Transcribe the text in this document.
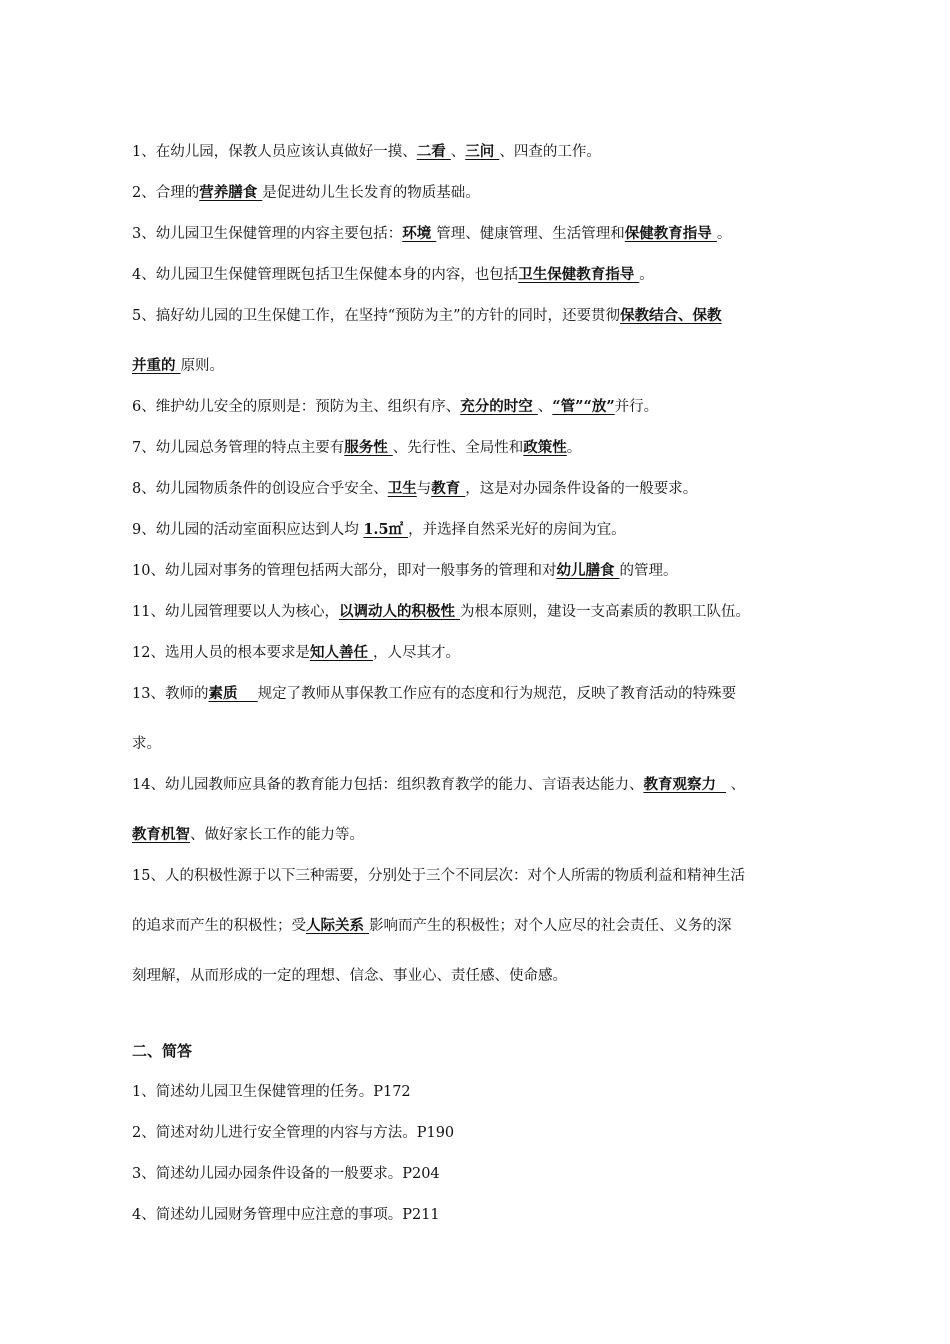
1、在幼儿园，保教人员应该认真做好一摸、二看 、三问 、四查的工作。
2、合理的营养膳食 是促进幼儿生长发育的物质基础。
3、幼儿园卫生保健管理的内容主要包括：环境 管理、健康管理、生活管理和保健教育指导 。
4、幼儿园卫生保健管理既包括卫生保健本身的内容，也包括卫生保健教育指导 。
5、搞好幼儿园的卫生保健工作，在坚持“预防为主”的方针的同时，还要贯彻保教结合、保教
并重的 原则。
6、维护幼儿安全的原则是：预防为主、组织有序、充分的时空 、“管”“放”并行。
7、幼儿园总务管理的特点主要有服务性 、先行性、全局性和政策性。
8、幼儿园物质条件的创设应合乎安全、卫生与教育 ，这是对办园条件设备的一般要求。
9、幼儿园的活动室面积应达到人均 1.5㎡ ，并选择自然采光好的房间为宜。
10、幼儿园对事务的管理包括两大部分，即对一般事务的管理和对幼儿膳食 的管理。
11、幼儿园管理要以人为核心，以调动人的积极性 为根本原则，建设一支高素质的教职工队伍。
12、选用人员的根本要求是知人善任 ，人尽其才。
13、教师的素质    规定了教师从事保教工作应有的态度和行为规范，反映了教育活动的特殊要
求。
14、幼儿园教师应具备的教育能力包括：组织教育教学的能力、言语表达能力、教育观察力   、
教育机智、做好家长工作的能力等。
15、人的积极性源于以下三种需要，分别处于三个不同层次：对个人所需的物质利益和精神生活
的追求而产生的积极性；受人际关系 影响而产生的积极性；对个人应尽的社会责任、义务的深
刻理解，从而形成的一定的理想、信念、事业心、责任感、使命感。
二、简答
1、简述幼儿园卫生保健管理的任务。P172
2、简述对幼儿进行安全管理的内容与方法。P190
3、简述幼儿园办园条件设备的一般要求。P204
4、简述幼儿园财务管理中应注意的事项。P211
